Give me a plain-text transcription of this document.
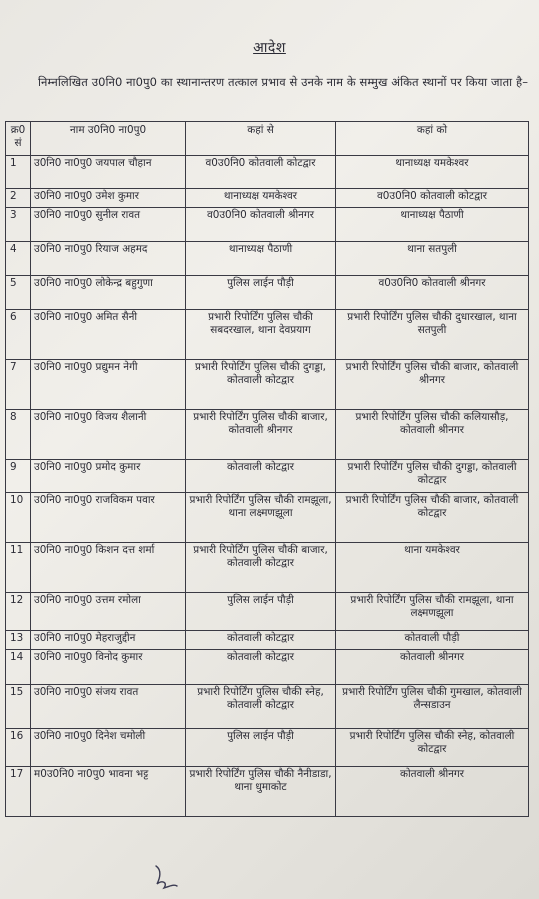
आदेश
निम्नलिखित उ0नि0 ना0पु0 का स्थानान्तरण तत्काल प्रभाव से उनके नाम के सम्मुख अंकित स्थानों पर किया जाता है–
क्र0 सं	नाम उ0नि0 ना0पु0	कहां से	कहां को
1	उ0नि0 ना0पु0 जयपाल चौहान	व0उ0नि0 कोतवाली कोटद्वार	थानाध्यक्ष यमकेश्वर
2	उ0नि0 ना0पु0 उमेश कुमार	थानाध्यक्ष यमकेश्वर	व0उ0नि0 कोतवाली कोटद्वार
3	उ0नि0 ना0पु0 सुनील रावत	व0उ0नि0 कोतवाली श्रीनगर	थानाध्यक्ष पैठाणी
4	उ0नि0 ना0पु0 रियाज अहमद	थानाध्यक्ष पैठाणी	थाना सतपुली
5	उ0नि0 ना0पु0 लोकेन्द्र बहुगुणा	पुलिस लाईन पौड़ी	व0उ0नि0 कोतवाली श्रीनगर
6	उ0नि0 ना0पु0 अमित सैनी	प्रभारी रिपोर्टिंग पुलिस चौकी सबदरखाल, थाना देवप्रयाग	प्रभारी रिपोर्टिंग पुलिस चौकी दुधारखाल, थाना सतपुली
7	उ0नि0 ना0पु0 प्रद्युमन नेगी	प्रभारी रिपोर्टिंग पुलिस चौकी दुगड्डा, कोतवाली कोटद्वार	प्रभारी रिपोर्टिंग पुलिस चौकी बाजार, कोतवाली श्रीनगर
8	उ0नि0 ना0पु0 विजय शैलानी	प्रभारी रिपोर्टिंग पुलिस चौकी बाजार, कोतवाली श्रीनगर	प्रभारी रिपोर्टिंग पुलिस चौकी कलियासौड़, कोतवाली श्रीनगर
9	उ0नि0 ना0पु0 प्रमोद कुमार	कोतवाली कोटद्वार	प्रभारी रिपोर्टिंग पुलिस चौकी दुगड्डा, कोतवाली कोटद्वार
10	उ0नि0 ना0पु0 राजविकम पवार	प्रभारी रिपोर्टिंग पुलिस चौकी रामझूला, थाना लक्ष्मणझूला	प्रभारी रिपोर्टिंग पुलिस चौकी बाजार, कोतवाली कोटद्वार
11	उ0नि0 ना0पु0 किशन दत्त शर्मा	प्रभारी रिपोर्टिंग पुलिस चौकी बाजार, कोतवाली कोटद्वार	थाना यमकेश्वर
12	उ0नि0 ना0पु0 उत्तम रमोला	पुलिस लाईन पौड़ी	प्रभारी रिपोर्टिंग पुलिस चौकी रामझूला, थाना लक्ष्मणझूला
13	उ0नि0 ना0पु0 मेहराजुद्दीन	कोतवाली कोटद्वार	कोतवाली पौड़ी
14	उ0नि0 ना0पु0 विनोद कुमार	कोतवाली कोटद्वार	कोतवाली श्रीनगर
15	उ0नि0 ना0पु0 संजय रावत	प्रभारी रिपोर्टिंग पुलिस चौकी स्नेह, कोतवाली कोटद्वार	प्रभारी रिपोर्टिंग पुलिस चौकी गुमखाल, कोतवाली लैन्सडाउन
16	उ0नि0 ना0पु0 दिनेश चमोली	पुलिस लाईन पौड़ी	प्रभारी रिपोर्टिंग पुलिस चौकी स्नेह, कोतवाली कोटद्वार
17	म0उ0नि0 ना0पु0 भावना भट्ट	प्रभारी रिपोर्टिंग पुलिस चौकी नैनीडाडा, थाना धुमाकोट	कोतवाली श्रीनगर
